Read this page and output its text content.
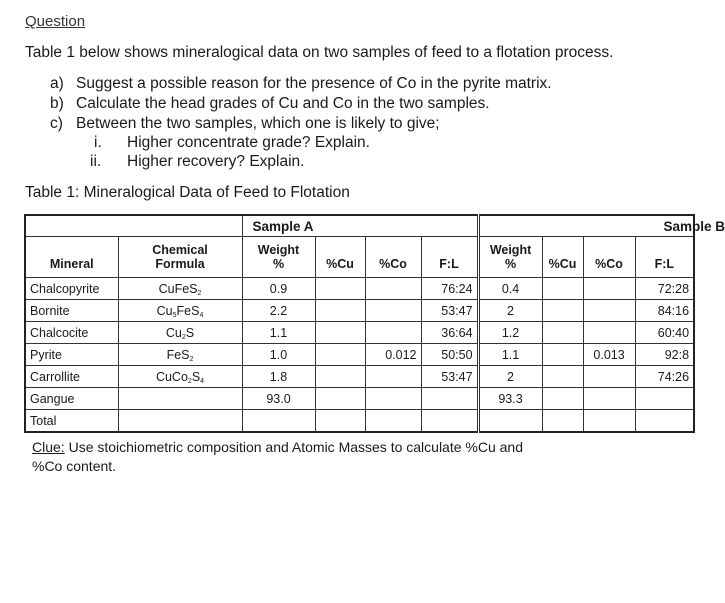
Question
Table 1 below shows mineralogical data on two samples of feed to a flotation process.
a) Suggest a possible reason for the presence of Co in the pyrite matrix.
b) Calculate the head grades of Cu and Co in the two samples.
c) Between the two samples, which one is likely to give;
i. Higher concentrate grade? Explain.
ii. Higher recovery? Explain.
Table 1: Mineralogical Data of Feed to Flotation
		Sample A				Sample B			
	Chemical	Weight				Weight			
Mineral	Formula	%	%Cu	%Co	F:L	%	%Cu	%Co	F:L
Chalcopyrite	CuFeS$_2$	0.9			76:24	0.4			72:28
Bornite	$Cu_5FeS_4$	2.2			53:47	2			84:16
Chalcocite	$Cu_2S$	1.1			36:64	1.2			60:40
Pyrite	FeS$_2$	1.0		0.012	50:50	1.1		0.013	92:8
Carrollite	$CuCo_2S_4$	1.8			53:47	2			74:26
Gangue		93.0				93.3			
Total									
Clue: Use stoichiometric composition and Atomic Masses to calculate %Cu and %Co content.
